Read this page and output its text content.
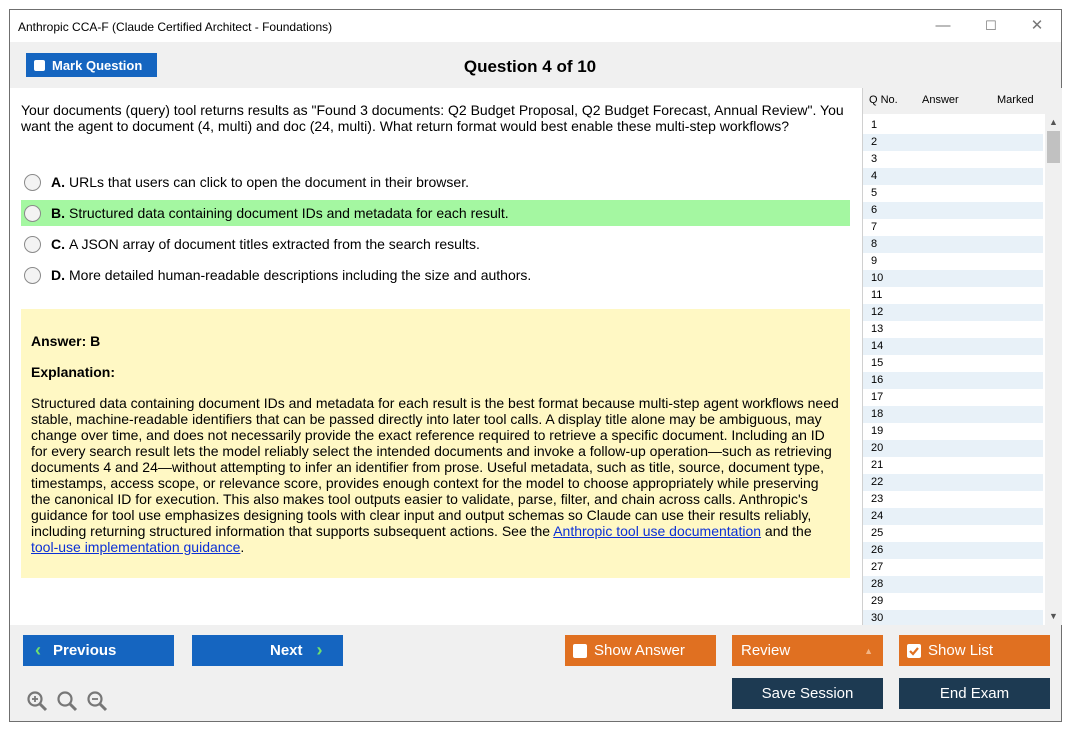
Anthropic CCA-F (Claude Certified Architect - Foundations)	—	☐	✕
Mark Question	Question 4 of 10
Your documents (query) tool returns results as "Found 3 documents: Q2 Budget Proposal, Q2 Budget Forecast, Annual Review". You want the agent to document (4, multi) and doc (24, multi). What return format would best enable these multi-step workflows?
A. URLs that users can click to open the document in their browser.
B. Structured data containing document IDs and metadata for each result.
C. A JSON array of document titles extracted from the search results.
D. More detailed human-readable descriptions including the size and authors.
Answer: B
Explanation:
Structured data containing document IDs and metadata for each result is the best format because multi-step agent workflows need stable, machine-readable identifiers that can be passed directly into later tool calls. A display title alone may be ambiguous, may change over time, and does not necessarily provide the exact reference required to retrieve a specific document. Including an ID for every search result lets the model reliably select the intended documents and invoke a follow-up operation—such as retrieving documents 4 and 24—without attempting to infer an identifier from prose. Useful metadata, such as title, source, document type, timestamps, access scope, or relevance score, provides enough context for the model to choose appropriately while preserving the canonical ID for execution. This also makes tool outputs easier to validate, parse, filter, and chain across calls. Anthropic's guidance for tool use emphasizes designing tools with clear input and output schemas so Claude can use their results reliably, including returning structured information that supports subsequent actions. See the Anthropic tool use documentation and the tool-use implementation guidance.
Q No. Answer	Marked
1
2
3
4
5
6
7
8
9
10
11
12
13
14
15
16
17
18
19
20
21
22
23
24
25
26
27
28
29
30
▲
▼
‹ Previous	Next ›	Show Answer	Review	▲	Show List
Save Session	End Exam
